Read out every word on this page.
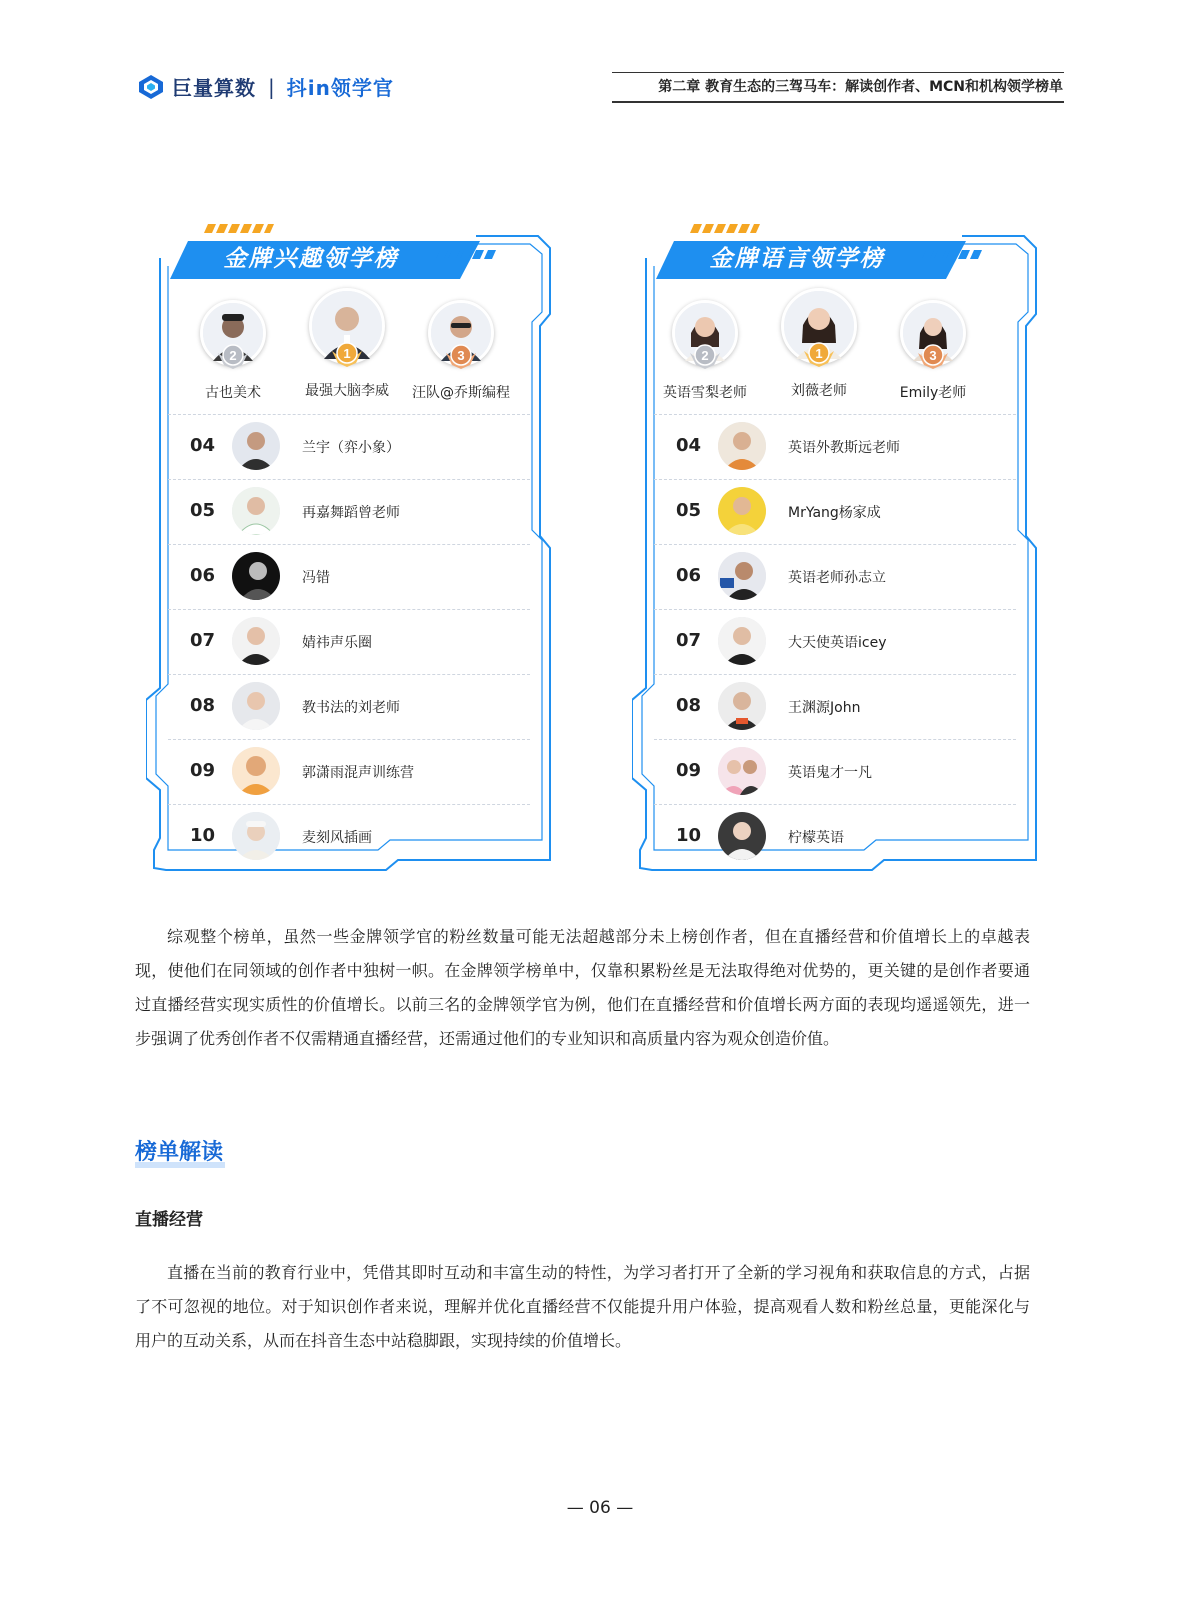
巨量算数 | 抖in领学官	第二章 教育生态的三驾马车：解读创作者、MCN和机构领学榜单
金牌兴趣领学榜
2
古也美术
1
最强大脑李威
3
汪队@乔斯编程
04	兰宇（弈小象）
05	再嘉舞蹈曾老师
06	冯错
07	婧祎声乐圈
08	教书法的刘老师
09	郭潇雨混声训练营
10	麦刻风插画
金牌语言领学榜
2
英语雪梨老师
1
刘薇老师
3
Emily老师
04	英语外教斯远老师
05	MrYang杨家成
06	英语老师孙志立
07	大天使英语icey
08	王渊源John
09	英语鬼才一凡
10	柠檬英语

综观整个榜单，虽然一些金牌领学官的粉丝数量可能无法超越部分未上榜创作者，但在直播经营和价值增长上的卓越表现，使他们在同领域的创作者中独树一帜。在金牌领学榜单中，仅靠积累粉丝是无法取得绝对优势的，更关键的是创作者要通过直播经营实现实质性的价值增长。以前三名的金牌领学官为例，他们在直播经营和价值增长两方面的表现均遥遥领先，进一步强调了优秀创作者不仅需精通直播经营，还需通过他们的专业知识和高质量内容为观众创造价值。

榜单解读
直播经营

直播在当前的教育行业中，凭借其即时互动和丰富生动的特性，为学习者打开了全新的学习视角和获取信息的方式，占据了不可忽视的地位。对于知识创作者来说，理解并优化直播经营不仅能提升用户体验，提高观看人数和粉丝总量，更能深化与用户的互动关系，从而在抖音生态中站稳脚跟，实现持续的价值增长。

— 06 —
